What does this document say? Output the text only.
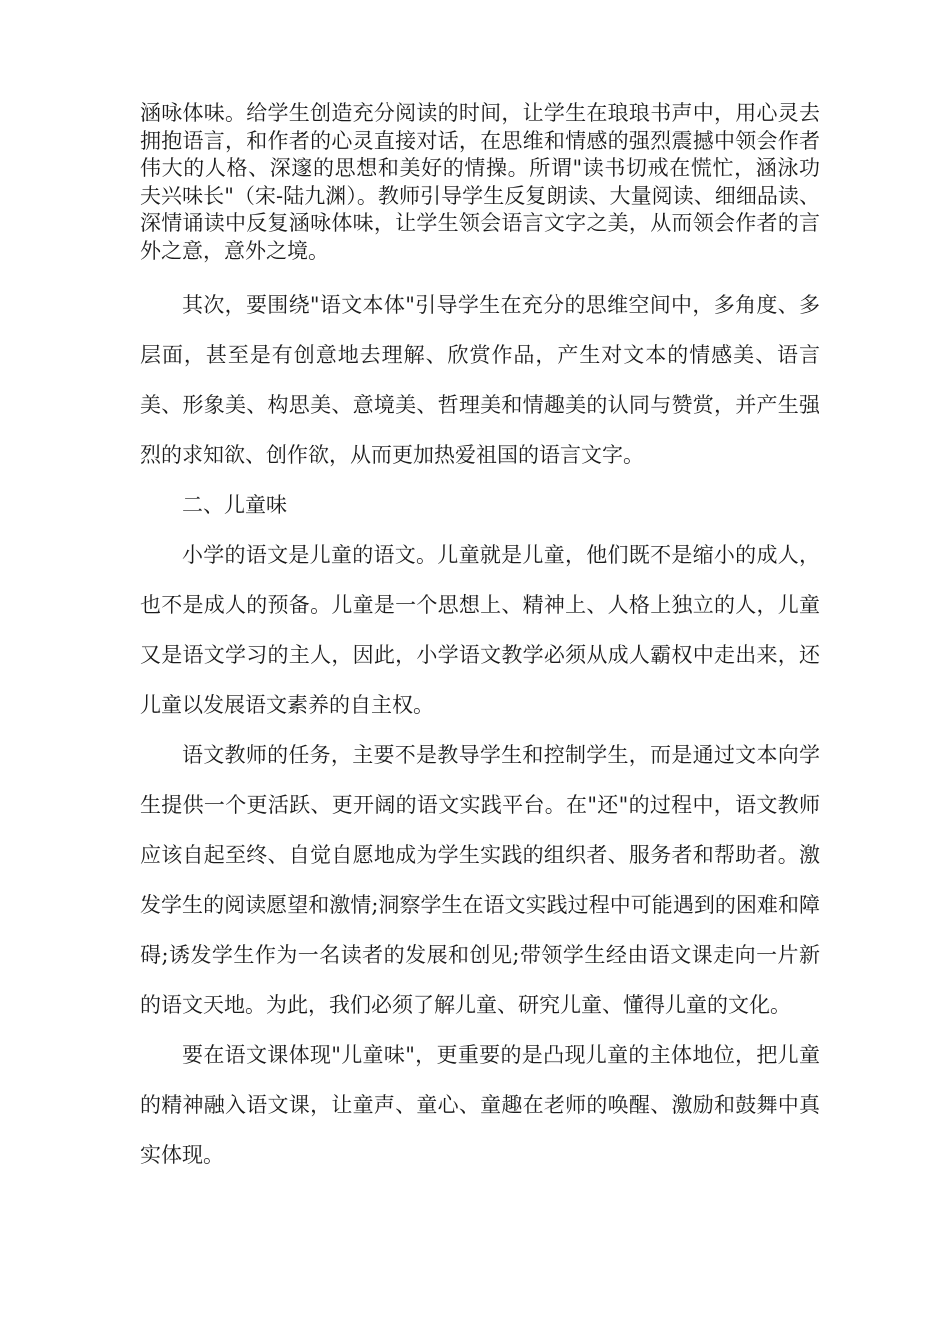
涵咏体味。给学生创造充分阅读的时间，让学生在琅琅书声中，用心灵去拥抱语言，和作者的心灵直接对话，在思维和情感的强烈震撼中领会作者伟大的人格、深邃的思想和美好的情操。所谓"读书切戒在慌忙，涵泳功夫兴味长"（宋-陆九渊）。教师引导学生反复朗读、大量阅读、细细品读、深情诵读中反复涵咏体味，让学生领会语言文字之美，从而领会作者的言外之意，意外之境。

其次，要围绕"语文本体"引导学生在充分的思维空间中，多角度、多层面，甚至是有创意地去理解、欣赏作品，产生对文本的情感美、语言美、形象美、构思美、意境美、哲理美和情趣美的认同与赞赏，并产生强烈的求知欲、创作欲，从而更加热爱祖国的语言文字。

二、儿童味

小学的语文是儿童的语文。儿童就是儿童，他们既不是缩小的成人，也不是成人的预备。儿童是一个思想上、精神上、人格上独立的人，儿童又是语文学习的主人，因此，小学语文教学必须从成人霸权中走出来，还儿童以发展语文素养的自主权。

语文教师的任务，主要不是教导学生和控制学生，而是通过文本向学生提供一个更活跃、更开阔的语文实践平台。在"还"的过程中，语文教师应该自起至终、自觉自愿地成为学生实践的组织者、服务者和帮助者。激发学生的阅读愿望和激情;洞察学生在语文实践过程中可能遇到的困难和障碍;诱发学生作为一名读者的发展和创见;带领学生经由语文课走向一片新的语文天地。为此，我们必须了解儿童、研究儿童、懂得儿童的文化。

要在语文课体现"儿童味"，更重要的是凸现儿童的主体地位，把儿童的精神融入语文课，让童声、童心、童趣在老师的唤醒、激励和鼓舞中真实体现。
